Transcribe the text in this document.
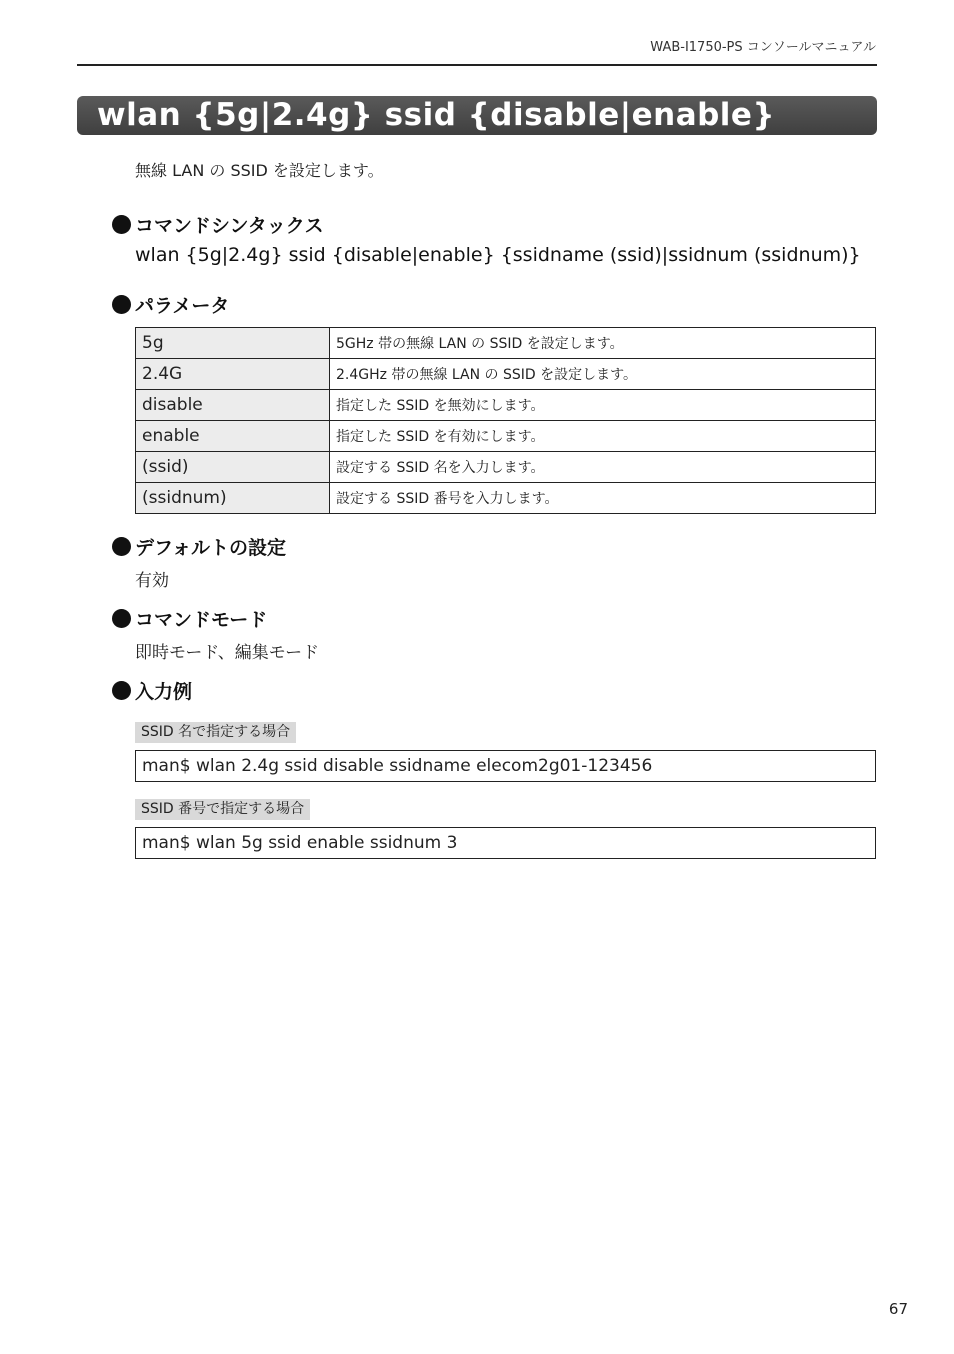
WAB-I1750-PS コンソールマニュアル
wlan {5g|2.4g} ssid {disable|enable}
無線 LAN の SSID を設定します。
コマンドシンタックス
wlan {5g|2.4g} ssid {disable|enable} {ssidname (ssid)|ssidnum (ssidnum)}
パラメータ
5g	5GHz 帯の無線 LAN の SSID を設定します。
2.4G	2.4GHz 帯の無線 LAN の SSID を設定します。
disable	指定した SSID を無効にします。
enable	指定した SSID を有効にします。
(ssid)	設定する SSID 名を入力します。
(ssidnum)	設定する SSID 番号を入力します。
デフォルトの設定
有効
コマンドモード
即時モード、編集モード
入力例
SSID 名で指定する場合
man$ wlan 2.4g ssid disable ssidname elecom2g01-123456
SSID 番号で指定する場合
man$ wlan 5g ssid enable ssidnum 3
67
